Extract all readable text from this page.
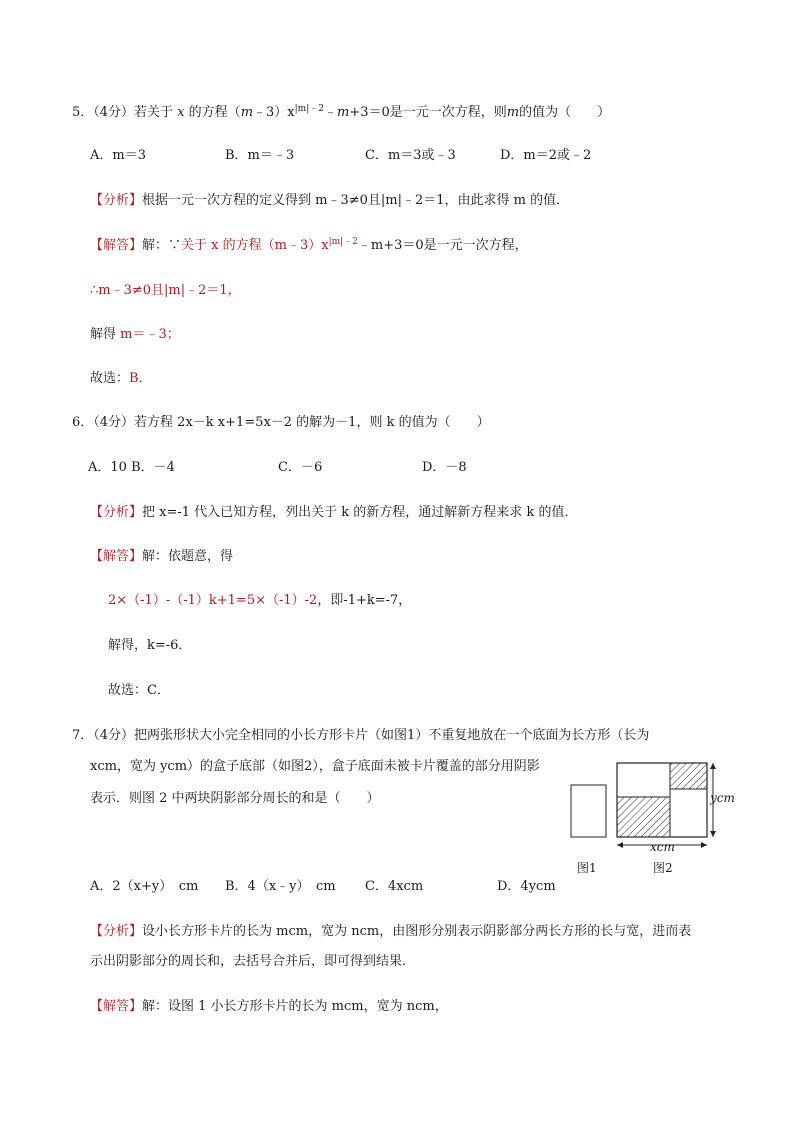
5．（4分）若关于 x 的方程$(m﹣3)x^{|m|﹣2}﹣m+3=0$是一元一次方程，则m的值为（　　）
A．m＝3	B．m＝﹣3	C．m＝3或﹣3	D．m＝2或﹣2
【分析】根据一元一次方程的定义得到 m﹣3≠0且|m|﹣2＝1，由此求得 m 的值．
【解答】解：∵关于 x 的方程$(m﹣3)x^{|m|﹣2}﹣m+3=0$是一元一次方程，
∴m﹣3≠0且|m|﹣2＝1，
解得 m＝﹣3；
故选：B．
6．（4分）若方程 2x－k x+1=5x－2 的解为－1，则 k 的值为（　　）
A．10 B．－4	C．－6	D．－8
【分析】把 x=-1 代入已知方程，列出关于 k 的新方程，通过解新方程来求 k 的值．
【解答】解：依题意，得
2×（-1）-（-1）k+1=5×（-1）-2，即-1+k=-7，
解得，k=-6．
故选：C．
7．（4分）把两张形状大小完全相同的小长方形卡片（如图1）不重复地放在一个底面为长方形（长为
xcm，宽为 ycm）的盒子底部（如图2），盒子底面未被卡片覆盖的部分用阴影
表示．则图 2 中两块阴影部分周长的和是（　　）	ycm
xcm
图1	图2
A．2（x+y）　cm B．4（x﹣y）　cm C．4xcm	D．4ycm
【分析】设小长方形卡片的长为 mcm，宽为 ncm，由图形分别表示阴影部分两长方形的长与宽，进而表
示出阴影部分的周长和，去括号合并后，即可得到结果．
【解答】解：设图 1 小长方形卡片的长为 mcm，宽为 ncm，
